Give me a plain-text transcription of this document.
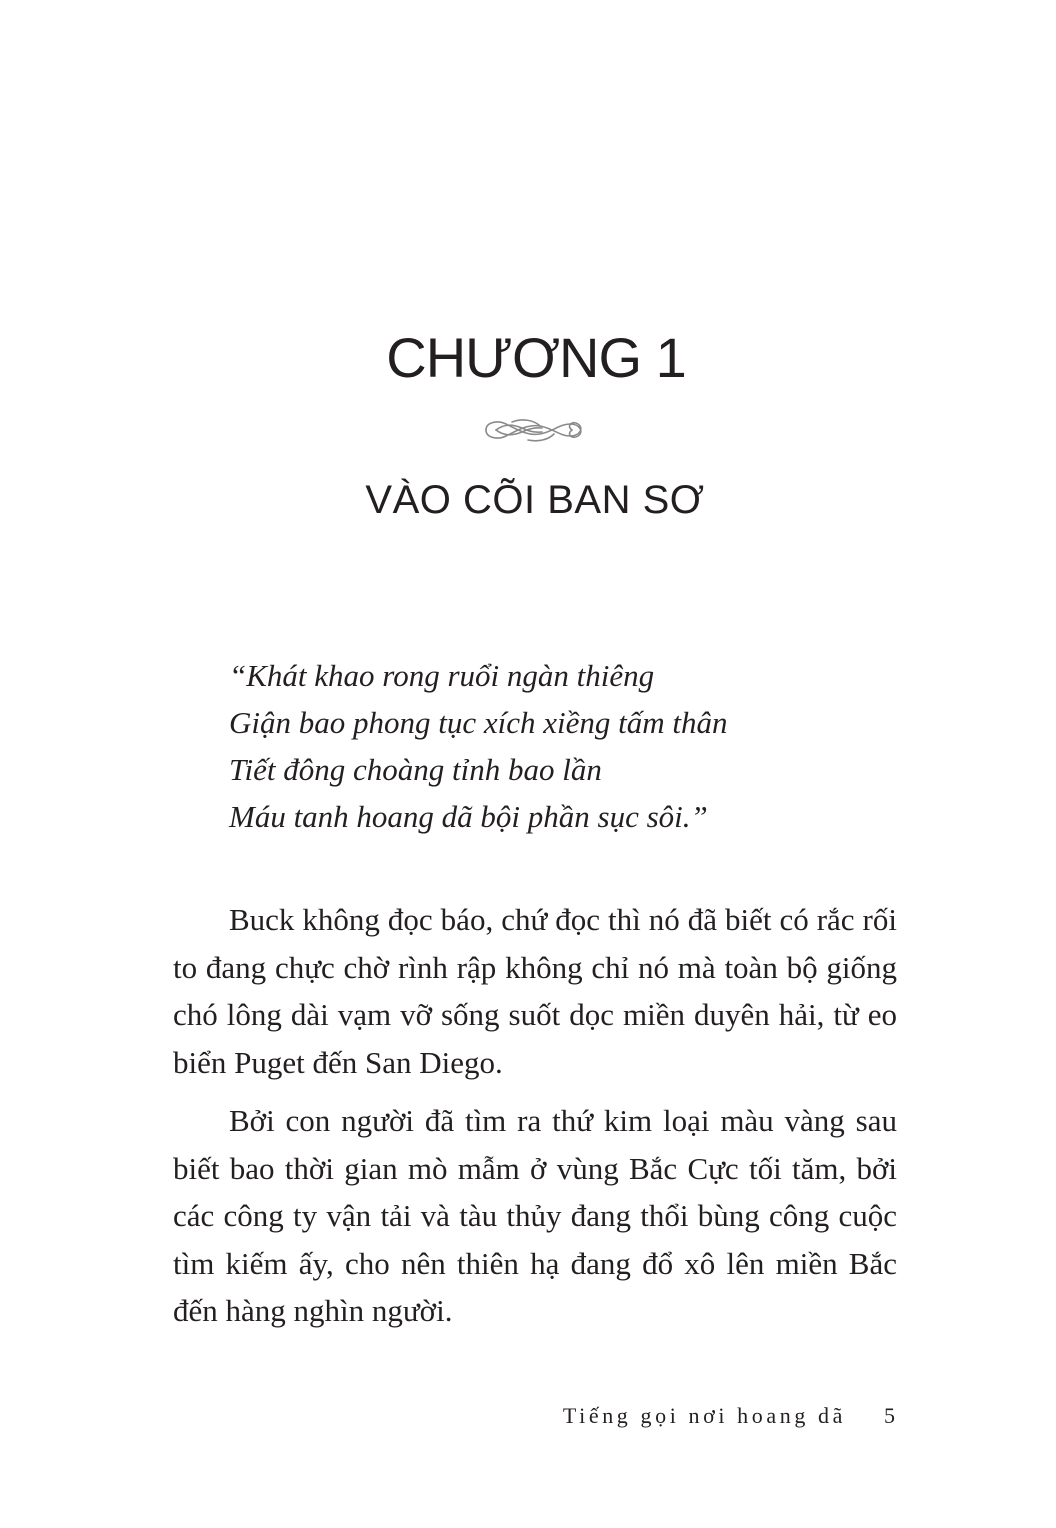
CHƯƠNG 1
VÀO CÕI BAN SƠ
“Khát khao rong ruổi ngàn thiêng
Giận bao phong tục xích xiềng tấm thân
Tiết đông choàng tỉnh bao lần
Máu tanh hoang dã bội phần sục sôi.”

Buck không đọc báo, chứ đọc thì nó đã biết có rắc rối to đang chực chờ rình rập không chỉ nó mà toàn bộ giống chó lông dài vạm vỡ sống suốt dọc miền duyên hải, từ eo biển Puget đến San Diego.

Bởi con người đã tìm ra thứ kim loại màu vàng sau biết bao thời gian mò mẫm ở vùng Bắc Cực tối tăm, bởi các công ty vận tải và tàu thủy đang thổi bùng công cuộc tìm kiếm ấy, cho nên thiên hạ đang đổ xô lên miền Bắc đến hàng nghìn người.

Tiếng gọi nơi hoang dã 5
